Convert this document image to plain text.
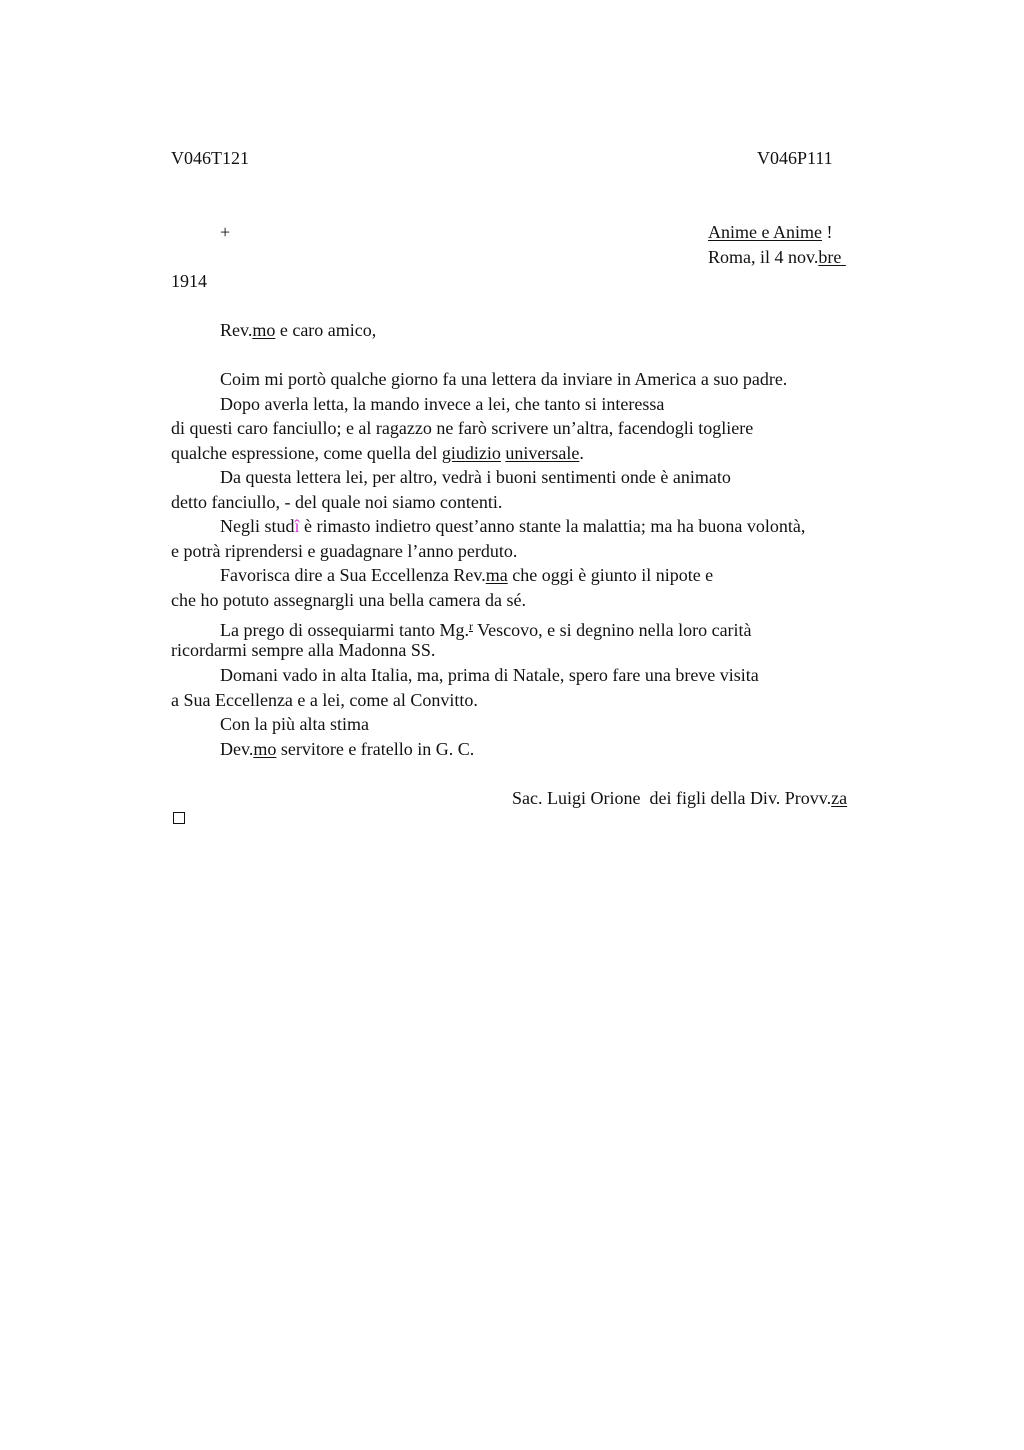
V046T121	V046P111
+	Anime e Anime !
Roma, il 4 nov.bre
1914
Rev.mo e caro amico,
Coim mi portò qualche giorno fa una lettera da inviare in America a suo padre.
Dopo averla letta, la mando invece a lei, che tanto si interessa
di questi caro fanciullo; e al ragazzo ne farò scrivere un’altra, facendogli togliere
qualche espressione, come quella del giudizio universale.
Da questa lettera lei, per altro, vedrà i buoni sentimenti onde è animato
detto fanciullo, - del quale noi siamo contenti.
Negli studî è rimasto indietro quest’anno stante la malattia; ma ha buona volontà,
e potrà riprendersi e guadagnare l’anno perduto.
Favorisca dire a Sua Eccellenza Rev.ma che oggi è giunto il nipote e
che ho potuto assegnargli una bella camera da sé.
La prego di ossequiarmi tanto Mg.$^r$ Vescovo, e si degnino nella loro carità
ricordarmi sempre alla Madonna SS.
Domani vado in alta Italia, ma, prima di Natale, spero fare una breve visita
a Sua Eccellenza e a lei, come al Convitto.
Con la più alta stima
Dev.mo servitore e fratello in G. C.
Sac. Luigi Orione  dei figli della Div. Provv.za
